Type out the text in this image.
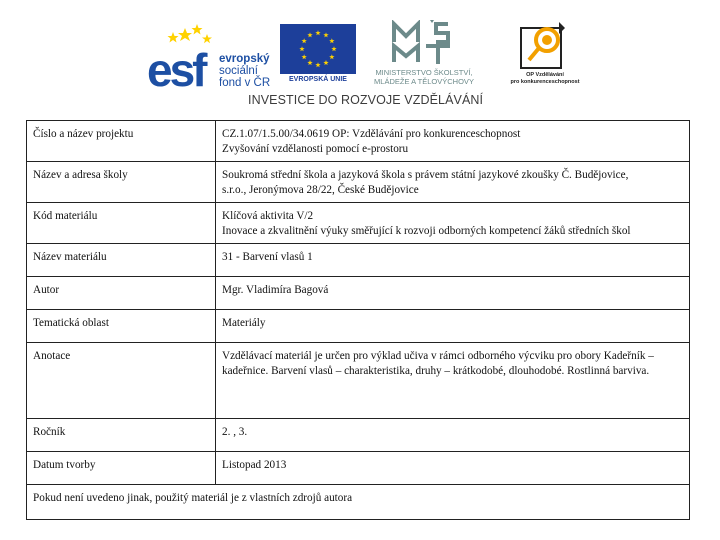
esf	evropský
sociální
fond v ČR	EVROPSKÁ UNIE
MINISTERSTVO ŠKOLSTVÍ,
MLÁDEŽE A TĚLOVÝCHOVY
OP Vzdělávání
pro konkurenceschopnost
INVESTICE DO ROZVOJE VZDĚLÁVÁNÍ
Číslo a název projektu	CZ.1.07/1.5.00/34.0619 OP: Vzdělávání pro konkurenceschopnost
Zvyšování vzdělanosti pomocí e-prostoru

Název a adresa školy	Soukromá střední škola a jazyková škola s právem státní jazykové zkoušky Č. Budějovice,
s.r.o., Jeronýmova 28/22, České Budějovice

Kód materiálu	Klíčová aktivita V/2
Inovace a zkvalitnění výuky směřující k rozvoji odborných kompetencí žáků středních škol

Název materiálu	31 - Barvení vlasů 1
Autor	Mgr. Vladimíra Bagová
Tematická oblast	Materiály
Anotace	Vzdělávací materiál je určen pro výklad učiva v rámci odborného výcviku pro obory Kadeřník – kadeřnice. Barvení vlasů – charakteristika, druhy – krátkodobé, dlouhodobé. Rostlinná barviva.

Ročník	2. , 3.
Datum tvorby	Listopad 2013
Pokud není uvedeno jinak, použitý materiál je z vlastních zdrojů autora	
